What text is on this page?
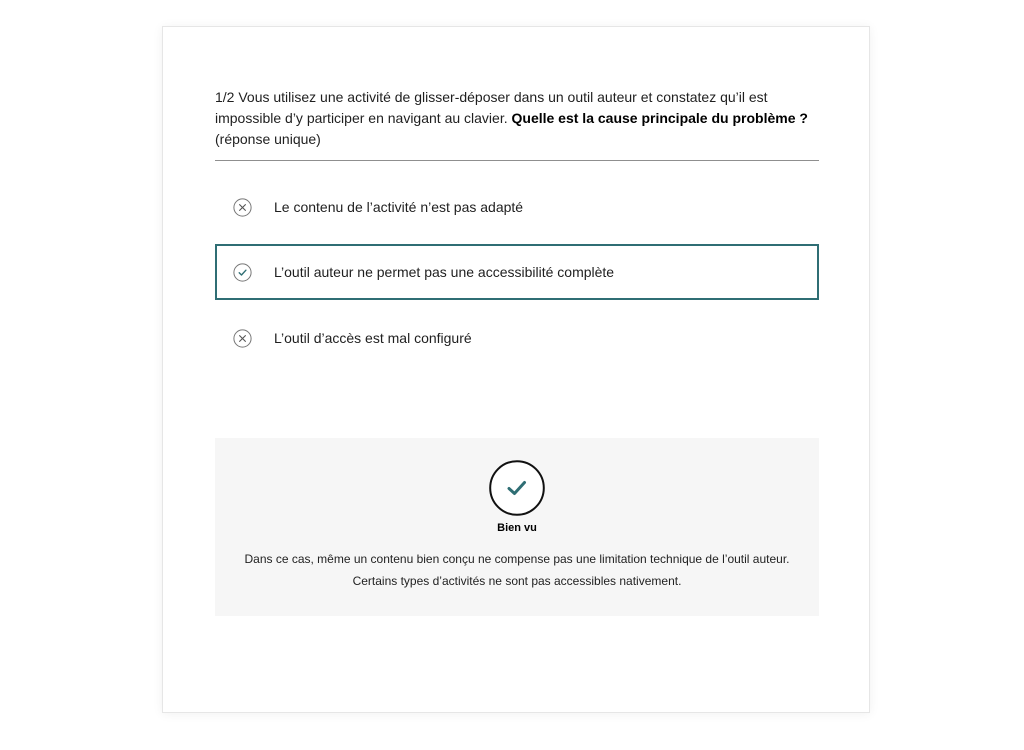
1/2 Vous utilisez une activité de glisser-déposer dans un outil auteur et constatez qu’il est impossible d’y participer en navigant au clavier. Quelle est la cause principale du problème ? (réponse unique)
Le contenu de l’activité n’est pas adapté
L’outil auteur ne permet pas une accessibilité complète
L’outil d’accès est mal configuré
Bien vu
Dans ce cas, même un contenu bien conçu ne compense pas une limitation technique de l’outil auteur. Certains types d’activités ne sont pas accessibles nativement.
